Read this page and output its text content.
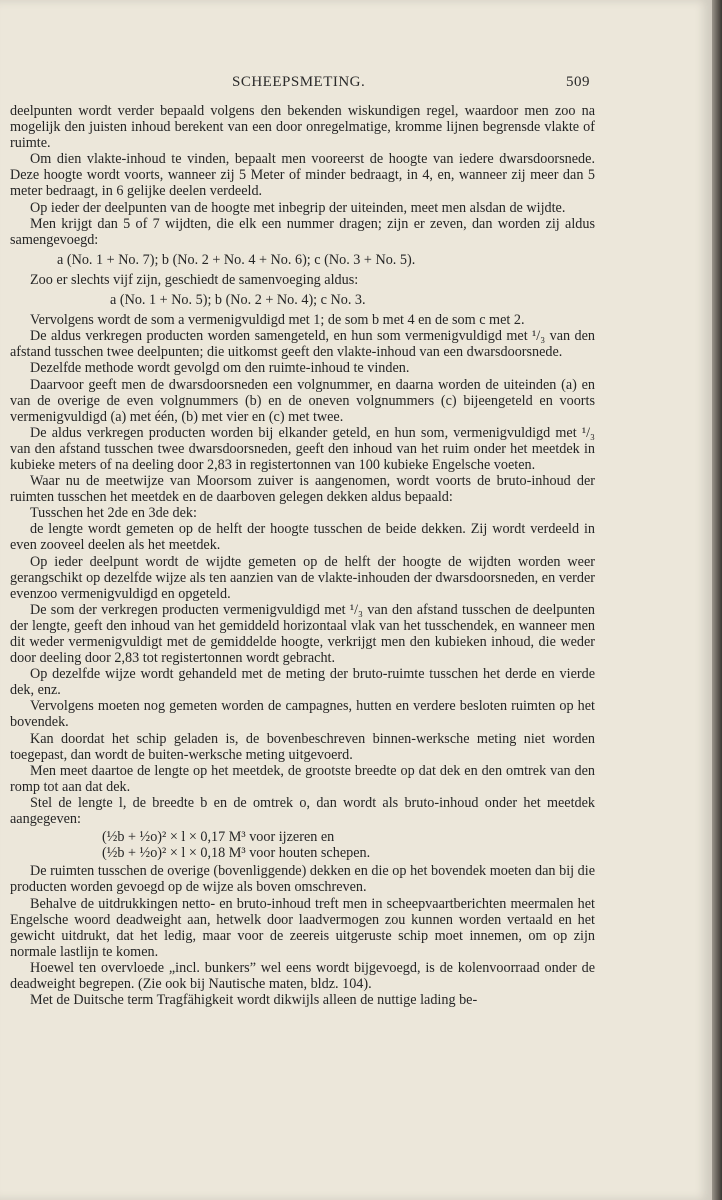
SCHEEPSMETING.	509

deelpunten wordt verder bepaald volgens den bekenden wiskundigen regel, waardoor men zoo na mogelijk den juisten inhoud berekent van een door onregelmatige, kromme lijnen begrensde vlakte of ruimte.

Om dien vlakte-inhoud te vinden, bepaalt men vooreerst de hoogte van iedere dwarsdoorsnede. Deze hoogte wordt voorts, wanneer zij 5 Meter of minder bedraagt, in 4, en, wanneer zij meer dan 5 meter bedraagt, in 6 gelijke deelen verdeeld.

Op ieder der deelpunten van de hoogte met inbegrip der uiteinden, meet men alsdan de wijdte.

Men krijgt dan 5 of 7 wijdten, die elk een nummer dragen; zijn er zeven, dan worden zij aldus samengevoegd:

a (No. 1 + No. 7); b (No. 2 + No. 4 + No. 6); c (No. 3 + No. 5).

Zoo er slechts vijf zijn, geschiedt de samenvoeging aldus:

a (No. 1 + No. 5); b (No. 2 + No. 4); c No. 3.

Vervolgens wordt de som a vermenigvuldigd met 1; de som b met 4 en de som c met 2.

De aldus verkregen producten worden samengeteld, en hun som vermenigvuldigd met ¹/₃ van den afstand tusschen twee deelpunten; die uitkomst geeft den vlakte-inhoud van een dwarsdoorsnede.

Dezelfde methode wordt gevolgd om den ruimte-inhoud te vinden.

Daarvoor geeft men de dwarsdoorsneden een volgnummer, en daarna worden de uiteinden (a) en van de overige de even volgnummers (b) en de oneven volgnummers (c) bijeengeteld en voorts vermenigvuldigd (a) met één, (b) met vier en (c) met twee.

De aldus verkregen producten worden bij elkander geteld, en hun som, vermenigvuldigd met ¹/₃ van den afstand tusschen twee dwarsdoorsneden, geeft den inhoud van het ruim onder het meetdek in kubieke meters of na deeling door 2,83 in registertonnen van 100 kubieke Engelsche voeten.

Waar nu de meetwijze van Moorsom zuiver is aangenomen, wordt voorts de bruto-inhoud der ruimten tusschen het meetdek en de daarboven gelegen dekken aldus bepaald:

Tusschen het 2de en 3de dek:

de lengte wordt gemeten op de helft der hoogte tusschen de beide dekken. Zij wordt verdeeld in even zooveel deelen als het meetdek.

Op ieder deelpunt wordt de wijdte gemeten op de helft der hoogte de wijdten worden weer gerangschikt op dezelfde wijze als ten aanzien van de vlakte-inhouden der dwarsdoorsneden, en verder evenzoo vermenigvuldigd en opgeteld.

De som der verkregen producten vermenigvuldigd met ¹/₃ van den afstand tusschen de deelpunten der lengte, geeft den inhoud van het gemiddeld horizontaal vlak van het tusschendek, en wanneer men dit weder vermenigvuldigt met de gemiddelde hoogte, verkrijgt men den kubieken inhoud, die weder door deeling door 2,83 tot registertonnen wordt gebracht.

Op dezelfde wijze wordt gehandeld met de meting der bruto-ruimte tusschen het derde en vierde dek, enz.

Vervolgens moeten nog gemeten worden de campagnes, hutten en verdere besloten ruimten op het bovendek.

Kan doordat het schip geladen is, de bovenbeschreven binnen-werksche meting niet worden toegepast, dan wordt de buiten-werksche meting uitgevoerd.

Men meet daartoe de lengte op het meetdek, de grootste breedte op dat dek en den omtrek van den romp tot aan dat dek.

Stel de lengte l, de breedte b en de omtrek o, dan wordt als bruto-inhoud onder het meetdek aangegeven:

(½b + ½o)² × l × 0,17 M³ voor ijzeren en

(½b + ½o)² × l × 0,18 M³ voor houten schepen.

De ruimten tusschen de overige (bovenliggende) dekken en die op het bovendek moeten dan bij die producten worden gevoegd op de wijze als boven omschreven.

Behalve de uitdrukkingen netto- en bruto-inhoud treft men in scheepvaartberichten meermalen het Engelsche woord deadweight aan, hetwelk door laadvermogen zou kunnen worden vertaald en het gewicht uitdrukt, dat het ledig, maar voor de zeereis uitgeruste schip moet innemen, om op zijn normale lastlijn te komen.

Hoewel ten overvloede „incl. bunkers” wel eens wordt bijgevoegd, is de kolenvoorraad onder de deadweight begrepen. (Zie ook bij Nautische maten, bldz. 104).

Met de Duitsche term Tragfähigkeit wordt dikwijls alleen de nuttige lading be-
